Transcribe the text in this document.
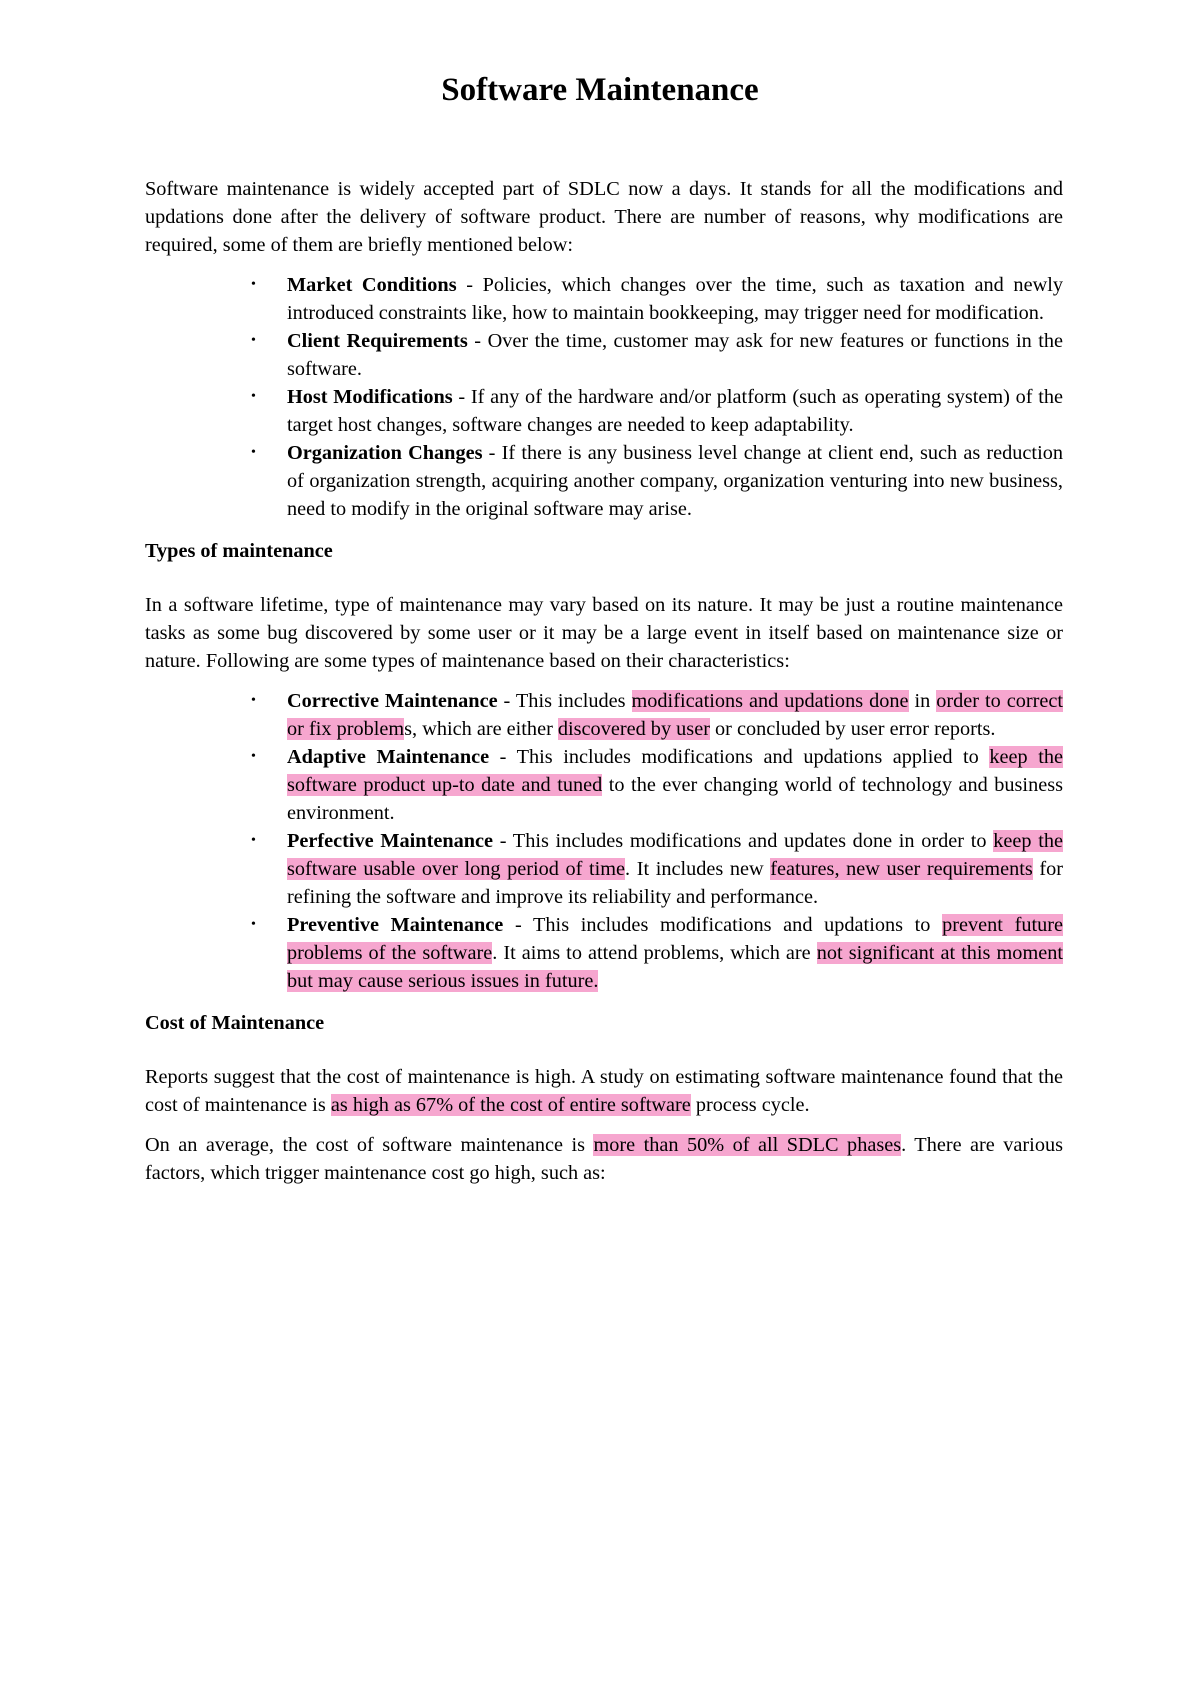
Software Maintenance

Software maintenance is widely accepted part of SDLC now a days. It stands for all the modifications and updations done after the delivery of software product. There are number of reasons, why modifications are required, some of them are briefly mentioned below:

• Market Conditions - Policies, which changes over the time, such as taxation and newly introduced constraints like, how to maintain bookkeeping, may trigger need for modification.
• Client Requirements - Over the time, customer may ask for new features or functions in the software.
• Host Modifications - If any of the hardware and/or platform (such as operating system) of the target host changes, software changes are needed to keep adaptability.
• Organization Changes - If there is any business level change at client end, such as reduction of organization strength, acquiring another company, organization venturing into new business, need to modify in the original software may arise.

Types of maintenance

In a software lifetime, type of maintenance may vary based on its nature. It may be just a routine maintenance tasks as some bug discovered by some user or it may be a large event in itself based on maintenance size or nature. Following are some types of maintenance based on their characteristics:

• Corrective Maintenance - This includes modifications and updations done in order to correct or fix problems, which are either discovered by user or concluded by user error reports.
• Adaptive Maintenance - This includes modifications and updations applied to keep the software product up-to date and tuned to the ever changing world of technology and business environment.
• Perfective Maintenance - This includes modifications and updates done in order to keep the software usable over long period of time. It includes new features, new user requirements for refining the software and improve its reliability and performance.
• Preventive Maintenance - This includes modifications and updations to prevent future problems of the software. It aims to attend problems, which are not significant at this moment but may cause serious issues in future.

Cost of Maintenance

Reports suggest that the cost of maintenance is high. A study on estimating software maintenance found that the cost of maintenance is as high as 67% of the cost of entire software process cycle.

On an average, the cost of software maintenance is more than 50% of all SDLC phases. There are various factors, which trigger maintenance cost go high, such as:
